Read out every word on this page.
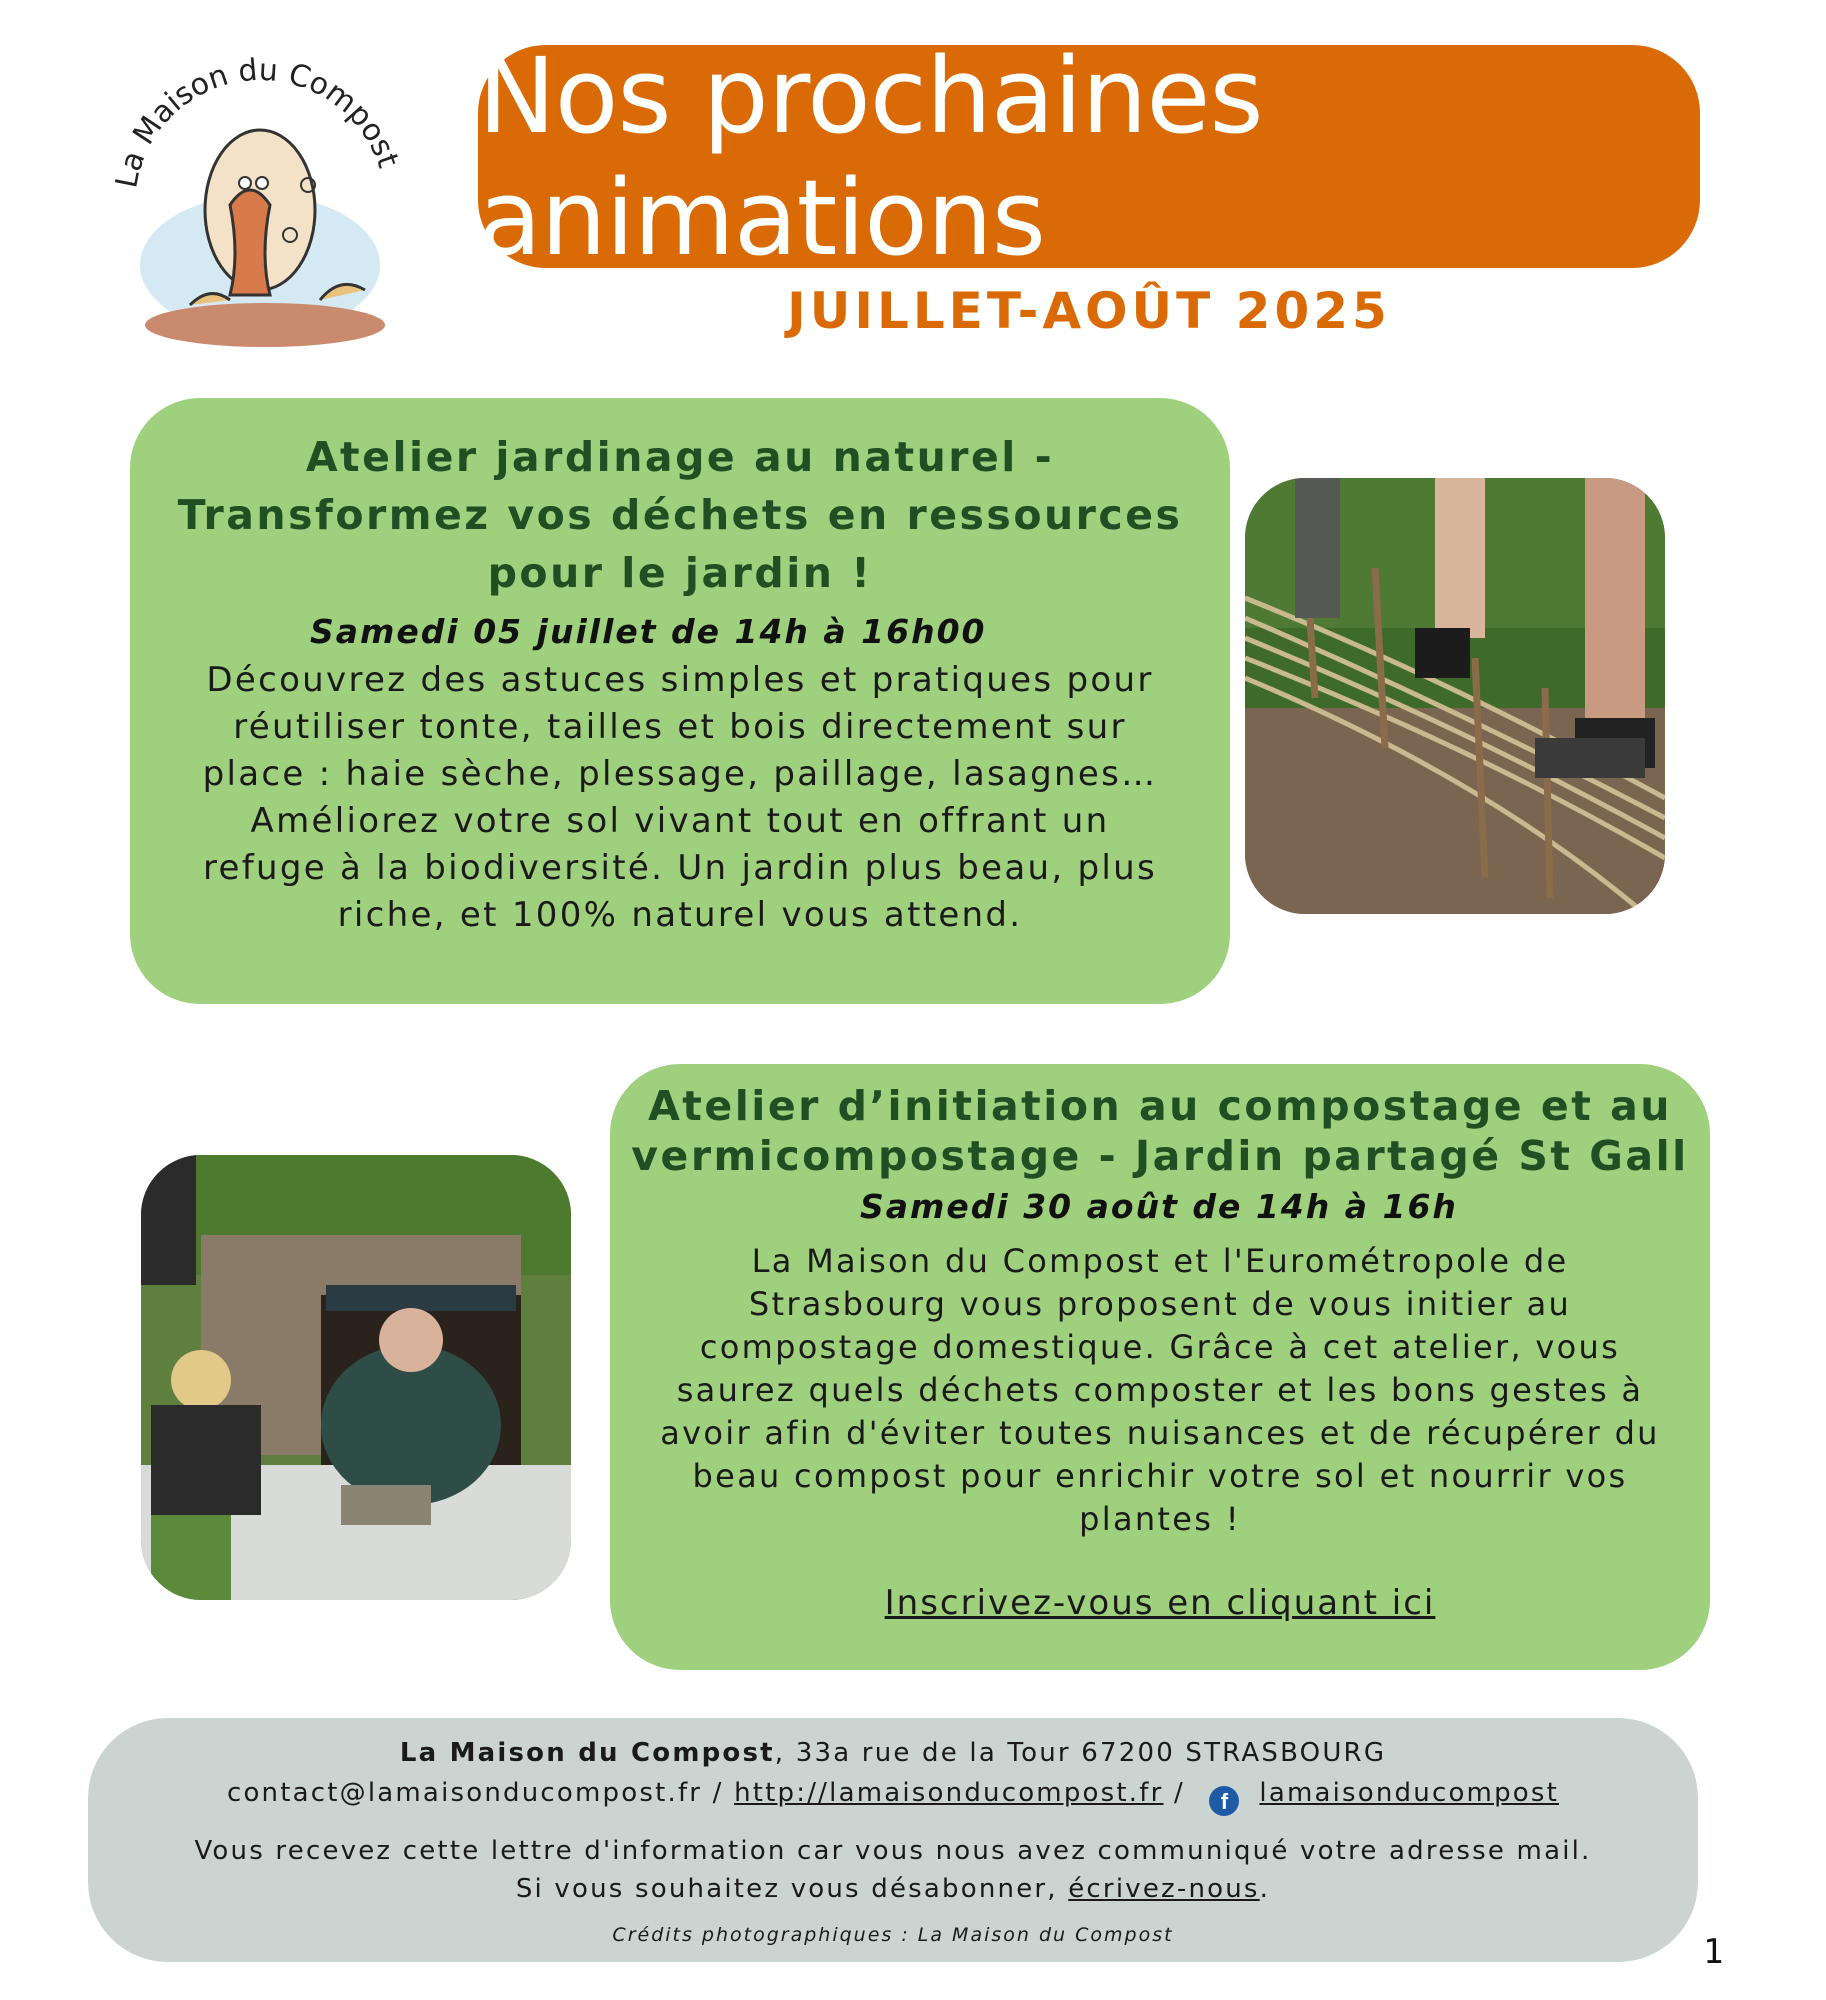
La Maison du Compost
Nos prochaines animations
JUILLET-AOÛT 2025

Atelier jardinage au naturel -
Transformez vos déchets en ressources
pour le jardin !

Samedi 05 juillet de 14h à 16h00
Découvrez des astuces simples et pratiques pour
réutiliser tonte, tailles et bois directement sur
place : haie sèche, plessage, paillage, lasagnes…
Améliorez votre sol vivant tout en offrant un
refuge à la biodiversité. Un jardin plus beau, plus
riche, et 100% naturel vous attend.

Atelier d’initiation au compostage et au
vermicompostage - Jardin partagé St Gall

Samedi 30 août de 14h à 16h
La Maison du Compost et l'Eurométropole de
Strasbourg vous proposent de vous initier au
compostage domestique. Grâce à cet atelier, vous
saurez quels déchets composter et les bons gestes à
avoir afin d'éviter toutes nuisances et de récupérer du
beau compost pour enrichir votre sol et nourrir vos
plantes !
Inscrivez-vous en cliquant ici
La Maison du Compost, 33a rue de la Tour 67200 STRASBOURG
contact@lamaisonducompost.fr / http://lamaisonducompost.fr / f lamaisonducompost
Vous recevez cette lettre d'information car vous nous avez communiqué votre adresse mail.
Si vous souhaitez vous désabonner, écrivez-nous.
Crédits photographiques : La Maison du Compost	1
